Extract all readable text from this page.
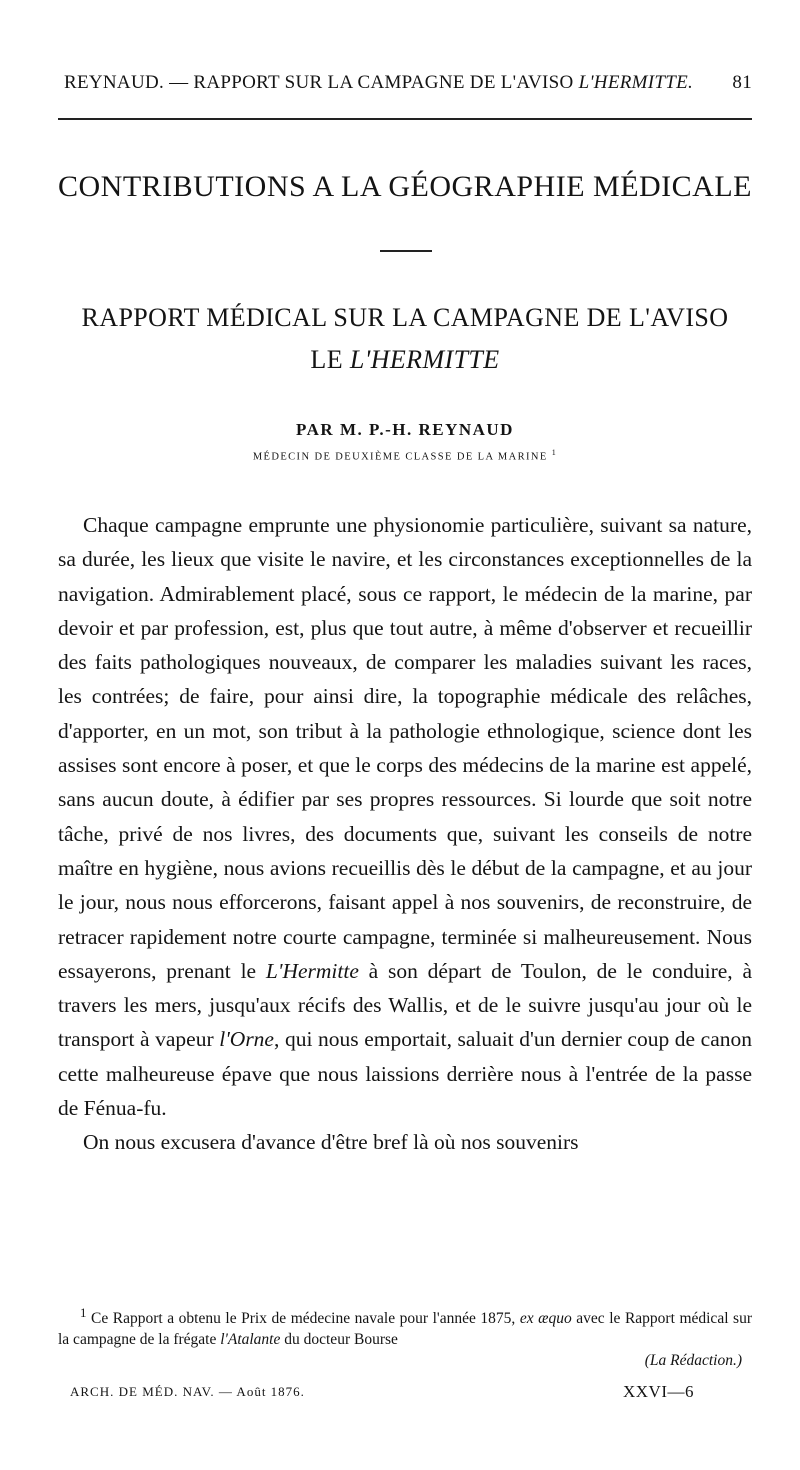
REYNAUD. — RAPPORT SUR LA CAMPAGNE DE L'AVISO L'HERMITTE. 81
CONTRIBUTIONS A LA GÉOGRAPHIE MÉDICALE
RAPPORT MÉDICAL SUR LA CAMPAGNE DE L'AVISO
LE L'HERMITTE
PAR M. P.-H. REYNAUD
MÉDECIN DE DEUXIÈME CLASSE DE LA MARINE $^1$

Chaque campagne emprunte une physionomie particulière, suivant sa nature, sa durée, les lieux que visite le navire, et les circonstances exceptionnelles de la navigation. Admirablement placé, sous ce rapport, le médecin de la marine, par devoir et par profession, est, plus que tout autre, à même d'observer et recueillir des faits pathologiques nouveaux, de comparer les maladies suivant les races, les contrées; de faire, pour ainsi dire, la topographie médicale des relâches, d'apporter, en un mot, son tribut à la pathologie ethnologique, science dont les assises sont encore à poser, et que le corps des médecins de la marine est appelé, sans aucun doute, à édifier par ses propres ressources. Si lourde que soit notre tâche, privé de nos livres, des documents que, suivant les conseils de notre maître en hygiène, nous avions recueillis dès le début de la campagne, et au jour le jour, nous nous efforcerons, faisant appel à nos souvenirs, de reconstruire, de retracer rapidement notre courte campagne, terminée si malheureusement. Nous essayerons, prenant le L'Hermitte à son départ de Toulon, de le conduire, à travers les mers, jusqu'aux récifs des Wallis, et de le suivre jusqu'au jour où le transport à vapeur l'Orne, qui nous emportait, saluait d'un dernier coup de canon cette malheureuse épave que nous laissions derrière nous à l'entrée de la passe de Fénua-fu.

On nous excusera d'avance d'être bref là où nos souvenirs

$^1$ Ce Rapport a obtenu le Prix de médecine navale pour l'année 1875, ex æquo avec le Rapport médical sur la campagne de la frégate l'Atalante du docteur Bourse

(La Rédaction.)

ARCH. DE MÉD. NAV. — Août 1876.	XXVI—6
